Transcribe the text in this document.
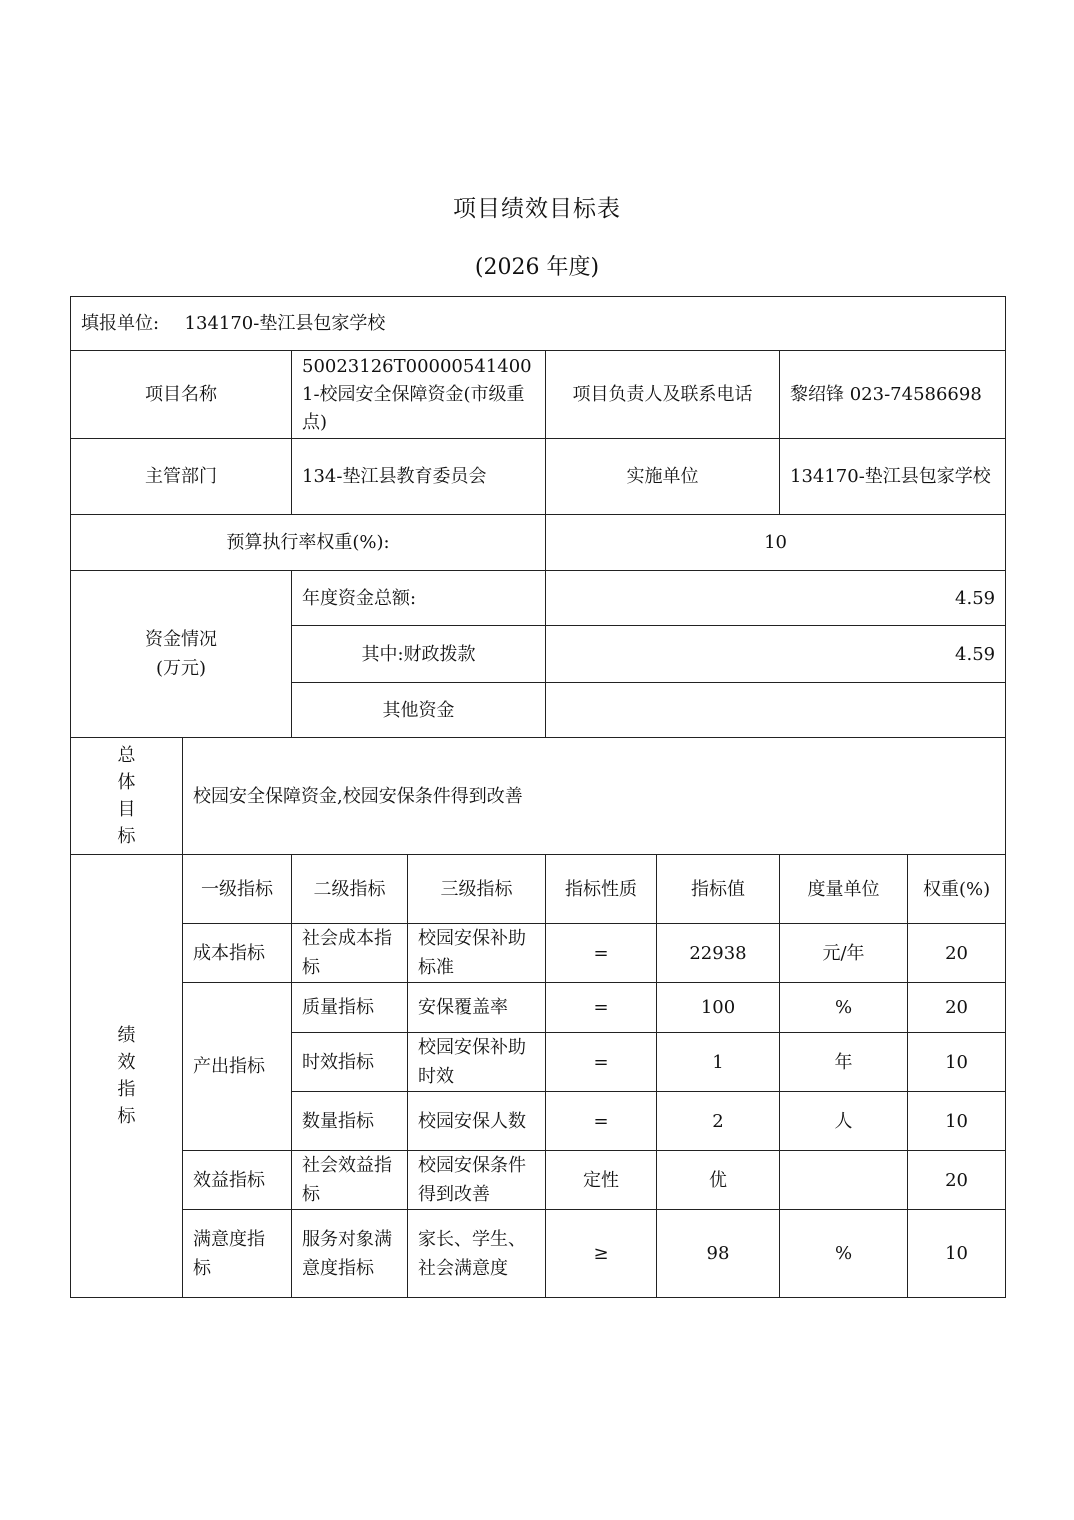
项目绩效目标表
(2026 年度)
填报单位: 134170-垫江县包家学校							
项目名称		50023126T000005414001-校园安全保障资金(市级重点)		项目负责人及联系电话		黎绍锋 023-74586698	
主管部门		134-垫江县教育委员会		实施单位		134170-垫江县包家学校	
预算执行率权重(%):				10			

资金情况
(万元)		年度资金总额:		4.59			
		其中:财政拨款		4.59			
		其他资金					

总
体
目
标	校园安全保障资金,校园安保条件得到改善						

绩
效
指
标	一级指标	二级指标	三级指标	指标性质	指标值	度量单位	权重(%)
	成本指标	社会成本指标	校园安保补助标准	=	22938	元/年	20
	产出指标	质量指标	安保覆盖率	=	100	%	20
		时效指标	校园安保补助时效	=	1	年	10
		数量指标	校园安保人数	=	2	人	10
	效益指标	社会效益指标	校园安保条件得到改善	定性	优		20
	满意度指标	服务对象满意度指标	家长、学生、社会满意度	≥	98	%	10
